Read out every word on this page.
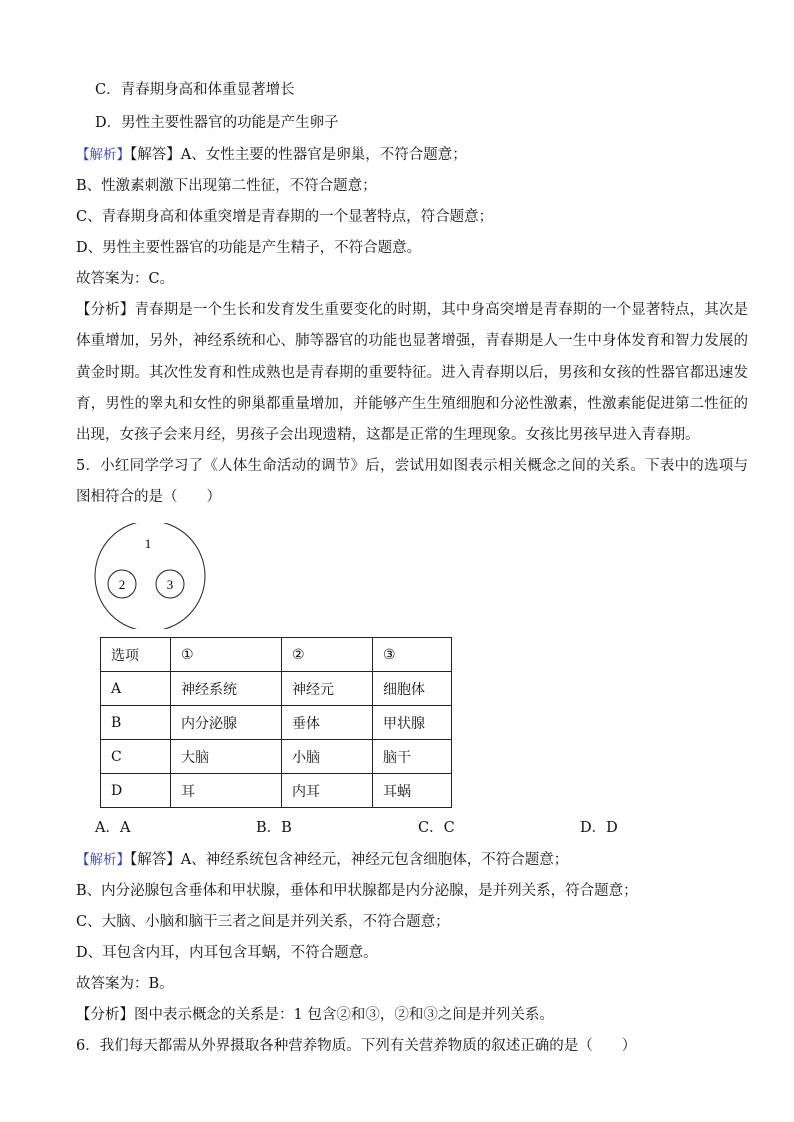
C．青春期身高和体重显著增长
D．男性主要性器官的功能是产生卵子
【解析】【解答】A、女性主要的性器官是卵巢，不符合题意；
B、性激素刺激下出现第二性征，不符合题意；
C、青春期身高和体重突增是青春期的一个显著特点，符合题意；
D、男性主要性器官的功能是产生精子，不符合题意。
故答案为：C。
【分析】青春期是一个生长和发育发生重要变化的时期，其中身高突增是青春期的一个显著特点，其次是体重增加，另外，神经系统和心、肺等器官的功能也显著增强，青春期是人一生中身体发育和智力发展的黄金时期。其次性发育和性成熟也是青春期的重要特征。进入青春期以后，男孩和女孩的性器官都迅速发育，男性的睾丸和女性的卵巢都重量增加，并能够产生生殖细胞和分泌性激素，性激素能促进第二性征的出现，女孩子会来月经，男孩子会出现遗精，这都是正常的生理现象。女孩比男孩早进入青春期。
5．小红同学学习了《人体生命活动的调节》后，尝试用如图表示相关概念之间的关系。下表中的选项与图相符合的是（　　）
1
2	3
选项	①	②	③
A	神经系统	神经元	细胞体
B	内分泌腺	垂体	甲状腺
C	大脑	小脑	脑干
D	耳	内耳	耳蜗
A．A	B．B	C．C	D．D
【解析】【解答】A、神经系统包含神经元，神经元包含细胞体，不符合题意；
B、内分泌腺包含垂体和甲状腺，垂体和甲状腺都是内分泌腺，是并列关系，符合题意；
C、大脑、小脑和脑干三者之间是并列关系，不符合题意；
D、耳包含内耳，内耳包含耳蜗，不符合题意。
故答案为：B。
【分析】图中表示概念的关系是：1 包含②和③，②和③之间是并列关系。
6．我们每天都需从外界摄取各种营养物质。下列有关营养物质的叙述正确的是（　　）
